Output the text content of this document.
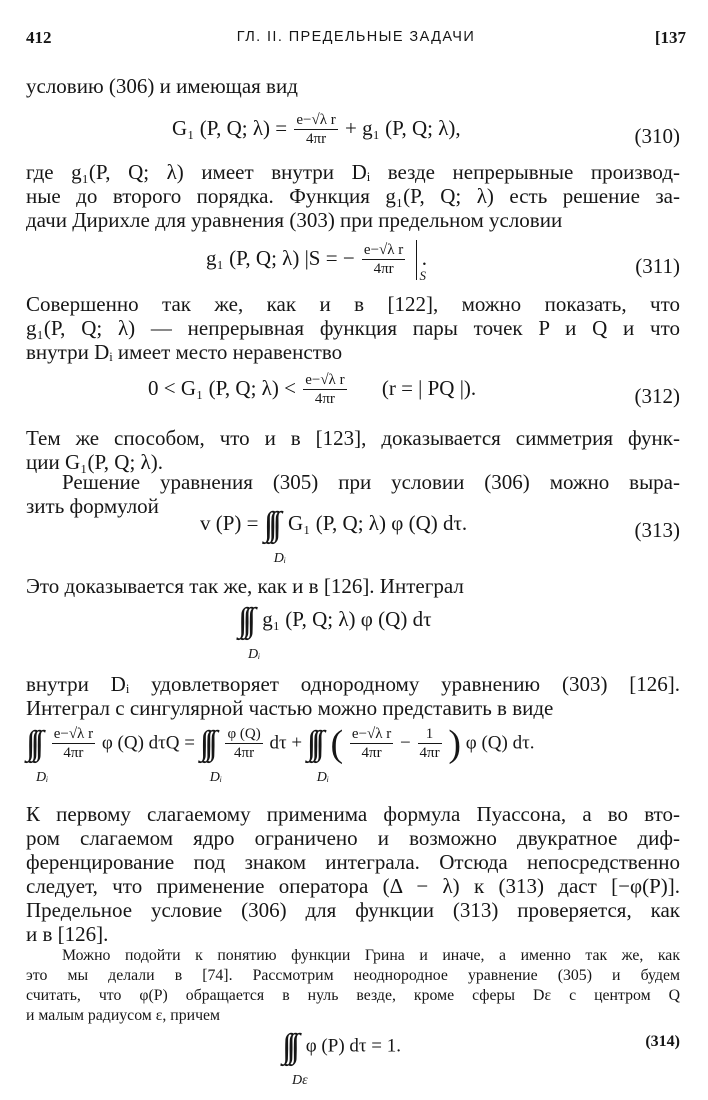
412	ГЛ. II. ПРЕДЕЛЬНЫЕ ЗАДАЧИ	[137
условию (306) и имеющая вид
G₁ (P, Q; $\lambda) = \frac{\text{e−√λ r}}{4\pi r} + g_1$ (P, Q; λ),	(310)
где g₁(P, Q; λ) имеет внутри Dᵢ везде непрерывные производ-
ные до второго порядка. Функция g₁(P, Q; λ) есть решение за-
дачи Дирихле для уравнения (303) при предельном условии
g₁ (P, Q; λ) |S = − $\frac{\text{e−√λ r}}{4\pi r}$
S
.	(311)
Совершенно так же, как и в [122], можно показать, что
g₁(P, Q; λ) — непрерывная функция пары точек P и Q и что
внутри Dᵢ имеет место неравенство
0 < G₁ (P, Q; $\lambda) < \frac{\text{e−√λ r}}{4\pi r} (r$ = | PQ |).	(312)
Тем же способом, что и в [123], доказывается симметрия функ-
ции G₁(P, Q; λ).
Решение уравнения (305) при условии (306) можно выра-
зить формулой
v (P) = ∫∫∫
Dᵢ
G₁ (P, Q; λ) φ (Q) dτ.	(313)
Это доказывается так же, как и в [126]. Интеграл
∫∫∫
Dᵢ
g₁ (P, Q; λ) φ (Q) dτ
внутри Dᵢ удовлетворяет однородному уравнению (303) [126].
Интеграл с сингулярной частью можно представить в виде
∫∫∫
Dᵢ

$\frac{\text{e−√λ r}}{4\pi r}$ φ (Q) dτQ = ∫∫∫
Dᵢ

$\frac{\varphi (Q)}{4\pi r}$ dτ + ∫∫∫
Dᵢ
( $\frac{\text{e−√λ r}}{4\pi r} - \frac{1}{4\pi r}$ ) φ (Q) dτ.
К первому слагаемому применима формула Пуассона, а во вто-
ром слагаемом ядро ограничено и возможно двукратное диф-
ференцирование под знаком интеграла. Отсюда непосредственно
следует, что применение оператора (Δ − λ) к (313) даст [−φ(P)].
Предельное условие (306) для функции (313) проверяется, как
и в [126].
Можно подойти к понятию функции Грина и иначе, а именно так же, как
это мы делали в [74]. Рассмотрим неоднородное уравнение (305) и будем
считать, что φ(P) обращается в нуль везде, кроме сферы Dε с центром Q
и малым радиусом ε, причем
∫∫∫
Dε
φ (P) dτ = 1.	(314)
